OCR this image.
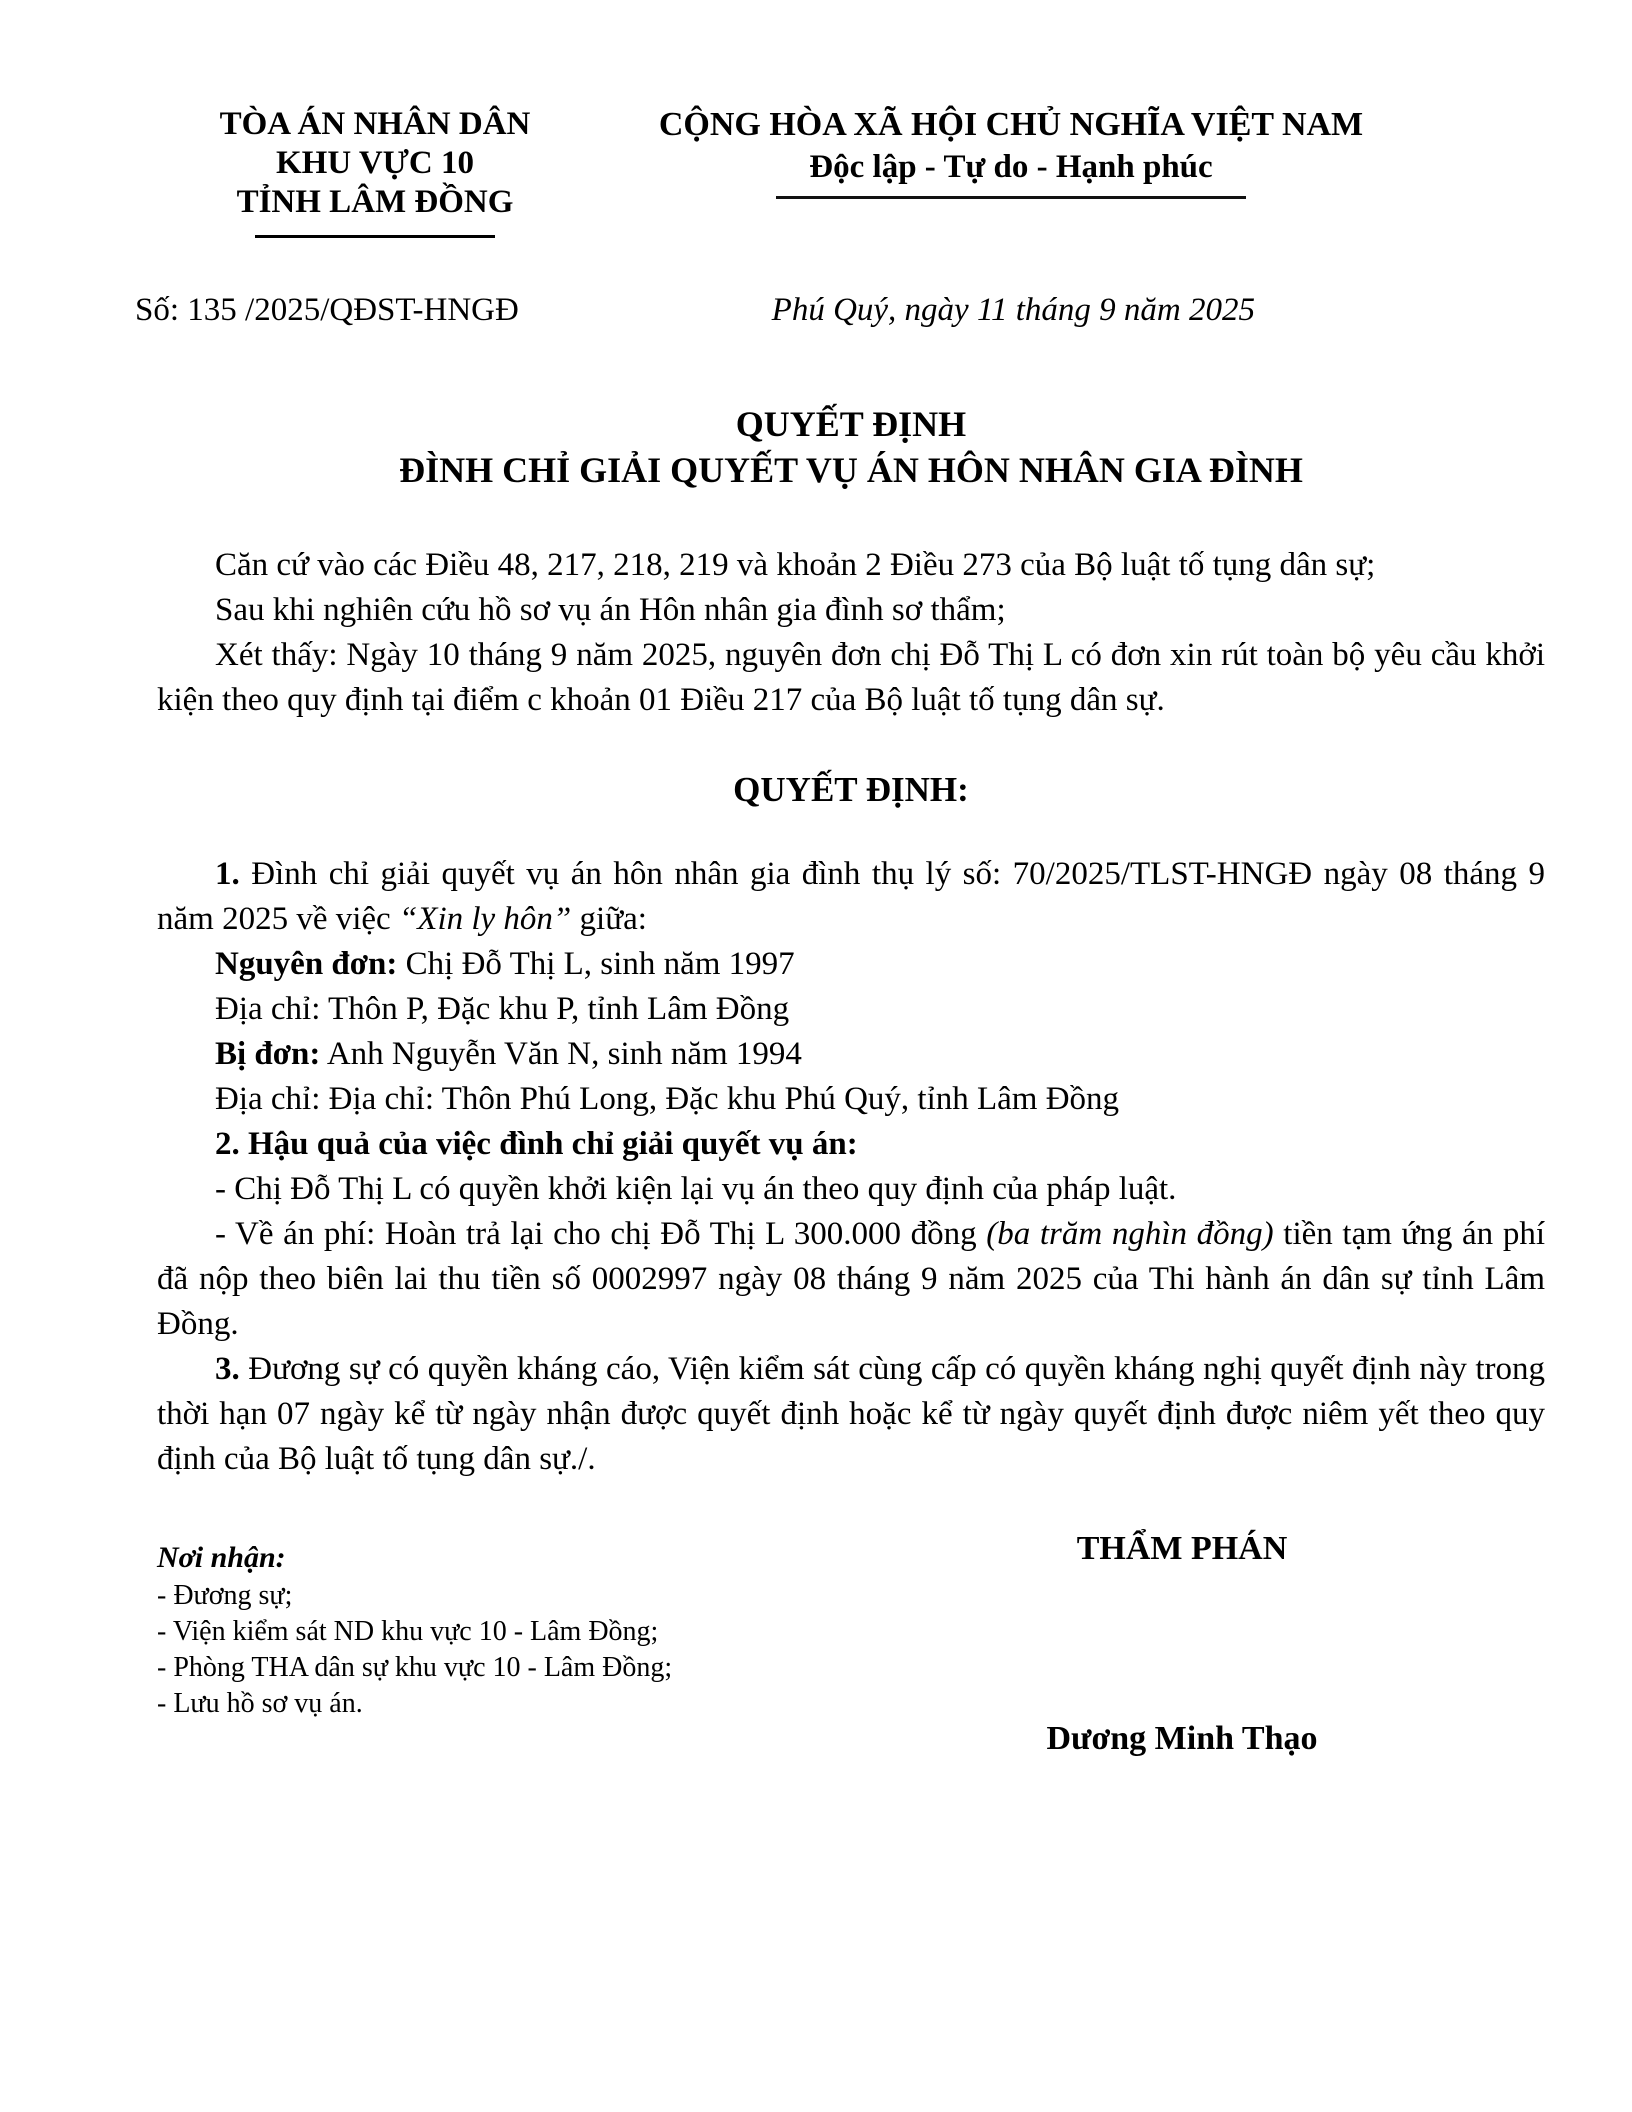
TÒA ÁN NHÂN DÂN
KHU VỰC 10
TỈNH LÂM ĐỒNG
CỘNG HÒA XÃ HỘI CHỦ NGHĨA VIỆT NAM
Độc lập - Tự do - Hạnh phúc
Số: 135 /2025/QĐST-HNGĐ	Phú Quý, ngày 11 tháng 9 năm 2025
QUYẾT ĐỊNH
ĐÌNH CHỈ GIẢI QUYẾT VỤ ÁN HÔN NHÂN GIA ĐÌNH

Căn cứ vào các Điều 48, 217, 218, 219 và khoản 2 Điều 273 của Bộ luật tố tụng dân sự;

Sau khi nghiên cứu hồ sơ vụ án Hôn nhân gia đình sơ thẩm;

Xét thấy: Ngày 10 tháng 9 năm 2025, nguyên đơn chị Đỗ Thị L có đơn xin rút toàn bộ yêu cầu khởi kiện theo quy định tại điểm c khoản 01 Điều 217 của Bộ luật tố tụng dân sự.

QUYẾT ĐỊNH:

1. Đình chỉ giải quyết vụ án hôn nhân gia đình thụ lý số: 70/2025/TLST-HNGĐ ngày 08 tháng 9 năm 2025 về việc “Xin ly hôn” giữa:

Nguyên đơn: Chị Đỗ Thị L, sinh năm 1997

Địa chỉ: Thôn P, Đặc khu P, tỉnh Lâm Đồng

Bị đơn: Anh Nguyễn Văn N, sinh năm 1994

Địa chỉ: Địa chỉ: Thôn Phú Long, Đặc khu Phú Quý, tỉnh Lâm Đồng

2. Hậu quả của việc đình chỉ giải quyết vụ án:

- Chị Đỗ Thị L có quyền khởi kiện lại vụ án theo quy định của pháp luật.

- Về án phí: Hoàn trả lại cho chị Đỗ Thị L 300.000 đồng (ba trăm nghìn đồng) tiền tạm ứng án phí đã nộp theo biên lai thu tiền số 0002997 ngày 08 tháng 9 năm 2025 của Thi hành án dân sự tỉnh Lâm Đồng.

3. Đương sự có quyền kháng cáo, Viện kiểm sát cùng cấp có quyền kháng nghị quyết định này trong thời hạn 07 ngày kể từ ngày nhận được quyết định hoặc kể từ ngày quyết định được niêm yết theo quy định của Bộ luật tố tụng dân sự./.

Nơi nhận:
- Đương sự;
- Viện kiểm sát ND khu vực 10 - Lâm Đồng;
- Phòng THA dân sự khu vực 10 - Lâm Đồng;
- Lưu hồ sơ vụ án.
THẨM PHÁN
Dương Minh Thạo
